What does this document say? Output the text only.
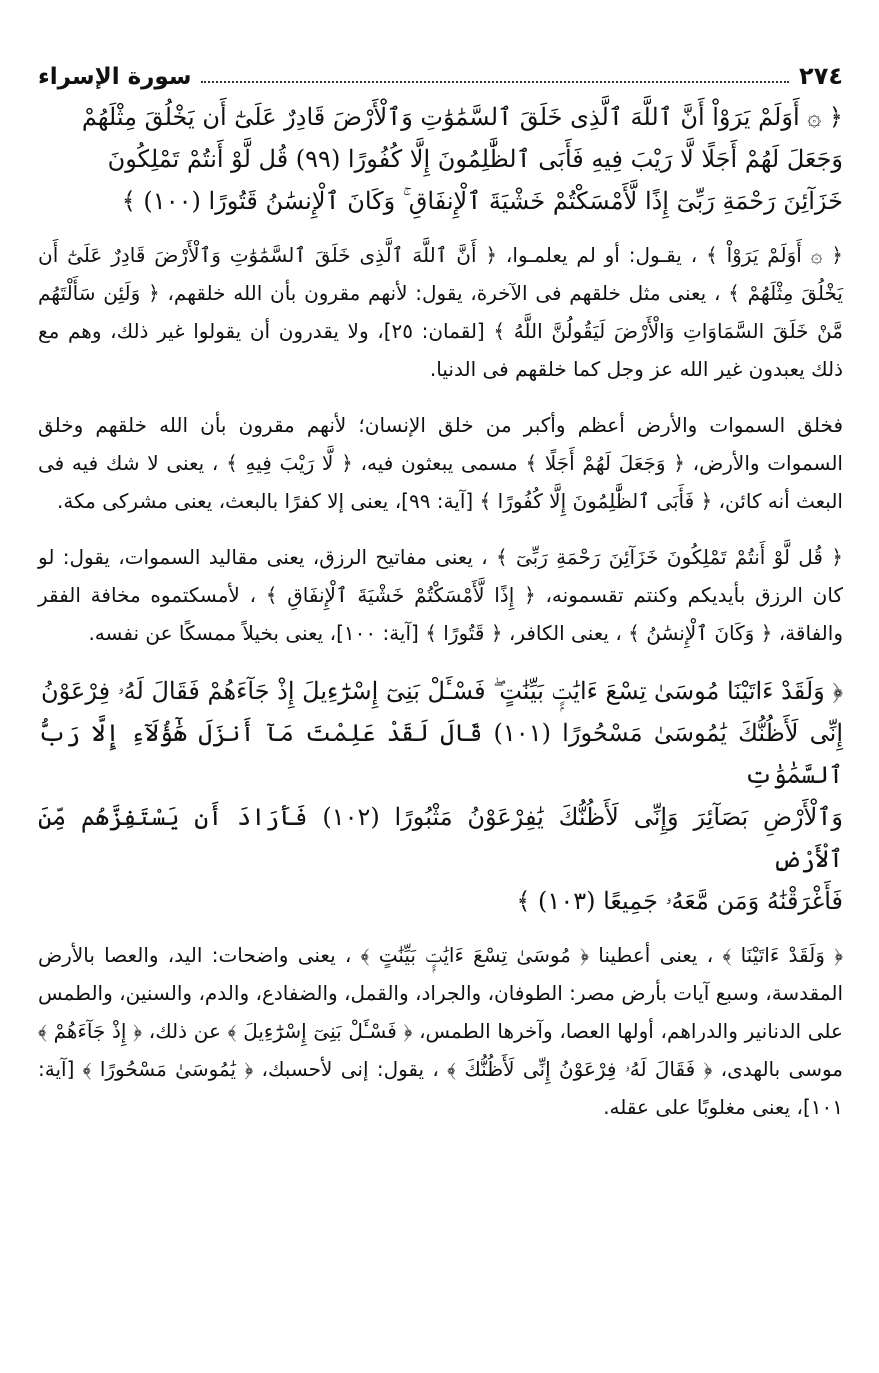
٢٧٤
سورة الإسراء

﴿ ۞ أَوَلَمْ يَرَوْاْ أَنَّ ٱللَّهَ ٱلَّذِى خَلَقَ ٱلسَّمَٰوَٰتِ وَٱلْأَرْضَ قَادِرٌ عَلَىٰٓ أَن يَخْلُقَ مِثْلَهُمْ

وَجَعَلَ لَهُمْ أَجَلًا لَّا رَيْبَ فِيهِ فَأَبَى ٱلظَّٰلِمُونَ إِلَّا كُفُورًا (٩٩) قُل لَّوْ أَنتُمْ تَمْلِكُونَ

خَزَآئِنَ رَحْمَةِ رَبِّىٓ إِذًا لَّأَمْسَكْتُمْ خَشْيَةَ ٱلْإِنفَاقِ ۚ وَكَانَ ٱلْإِنسَٰنُ قَتُورًا (١٠٠) ﴾

﴿ ۞ أَوَلَمْ يَرَوْاْ ﴾ ، يقـول: أو لم يعلمـوا، ﴿ أَنَّ ٱللَّهَ ٱلَّذِى خَلَقَ ٱلسَّمَٰوَٰتِ وَٱلْأَرْضَ قَادِرٌ عَلَىٰٓ أَن يَخْلُقَ مِثْلَهُمْ ﴾ ، يعنى مثل خلقهم فى الآخرة، يقول: لأنهم مقرون بأن الله خلقهم، ﴿ وَلَئِن سَأَلْتَهُم مَّنْ خَلَقَ السَّمَاوَاتِ وَالْأَرْضَ لَيَقُولُنَّ اللَّهُ ﴾ [لقمان: ٢٥]، ولا يقدرون أن يقولوا غير ذلك، وهم مع ذلك يعبدون غير الله عز وجل كما خلقهم فى الدنيا.

فخلق السموات والأرض أعظم وأكبر من خلق الإنسان؛ لأنهم مقرون بأن الله خلقهم وخلق السموات والأرض، ﴿ وَجَعَلَ لَهُمْ أَجَلًا ﴾ مسمى يبعثون فيه، ﴿ لَّا رَيْبَ فِيهِ ﴾ ، يعنى لا شك فيه فى البعث أنه كائن، ﴿ فَأَبَى ٱلظَّٰلِمُونَ إِلَّا كُفُورًا ﴾ [آية: ٩٩]، يعنى إلا كفرًا بالبعث، يعنى مشركى مكة.

﴿ قُل لَّوْ أَنتُمْ تَمْلِكُونَ خَزَآئِنَ رَحْمَةِ رَبِّىٓ ﴾ ، يعنى مفاتيح الرزق، يعنى مقاليد السموات، يقول: لو كان الرزق بأيديكم وكنتم تقسمونه، ﴿ إِذًا لَّأَمْسَكْتُمْ خَشْيَةَ ٱلْإِنفَاقِ ﴾ ، لأمسكتموه مخافة الفقر والفاقة، ﴿ وَكَانَ ٱلْإِنسَٰنُ ﴾ ، يعنى الكافر، ﴿ قَتُورًا ﴾ [آية: ١٠٠]، يعنى بخيلاً ممسكًا عن نفسه.

﴿ وَلَقَدْ ءَاتَيْنَا مُوسَىٰ تِسْعَ ءَايَٰتٍۭ بَيِّنَٰتٍ ۖ فَسْـَٔلْ بَنِىٓ إِسْرَٰٓءِيلَ إِذْ جَآءَهُمْ فَقَالَ لَهُۥ فِرْعَوْنُ

إِنِّى لَأَظُنُّكَ يَٰمُوسَىٰ مَسْحُورًا (١٠١) قَالَ لَقَدْ عَلِمْتَ مَآ أَنزَلَ هَٰٓؤُلَآءِ إِلَّا رَبُّ ٱلسَّمَٰوَٰتِ

وَٱلْأَرْضِ بَصَآئِرَ وَإِنِّى لَأَظُنُّكَ يَٰفِرْعَوْنُ مَثْبُورًا (١٠٢) فَأَرَادَ أَن يَسْتَفِزَّهُم مِّنَ ٱلْأَرْضِ

فَأَغْرَقْنَٰهُ وَمَن مَّعَهُۥ جَمِيعًا (١٠٣) ﴾

﴿ وَلَقَدْ ءَاتَيْنَا ﴾ ، يعنى أعطينا ﴿ مُوسَىٰ تِسْعَ ءَايَٰتٍۭ بَيِّنَٰتٍ ﴾ ، يعنى واضحات: اليد، والعصا بالأرض المقدسة، وسبع آيات بأرض مصر: الطوفان، والجراد، والقمل، والضفادع، والدم، والسنين، والطمس على الدنانير والدراهم، أولها العصا، وآخرها الطمس، ﴿ فَسْـَٔلْ بَنِىٓ إِسْرَٰٓءِيلَ ﴾ عن ذلك، ﴿ إِذْ جَآءَهُمْ ﴾ موسى بالهدى، ﴿ فَقَالَ لَهُۥ فِرْعَوْنُ إِنِّى لَأَظُنُّكَ ﴾ ، يقول: إنى لأحسبك، ﴿ يَٰمُوسَىٰ مَسْحُورًا ﴾ [آية: ١٠١]، يعنى مغلوبًا على عقله.
